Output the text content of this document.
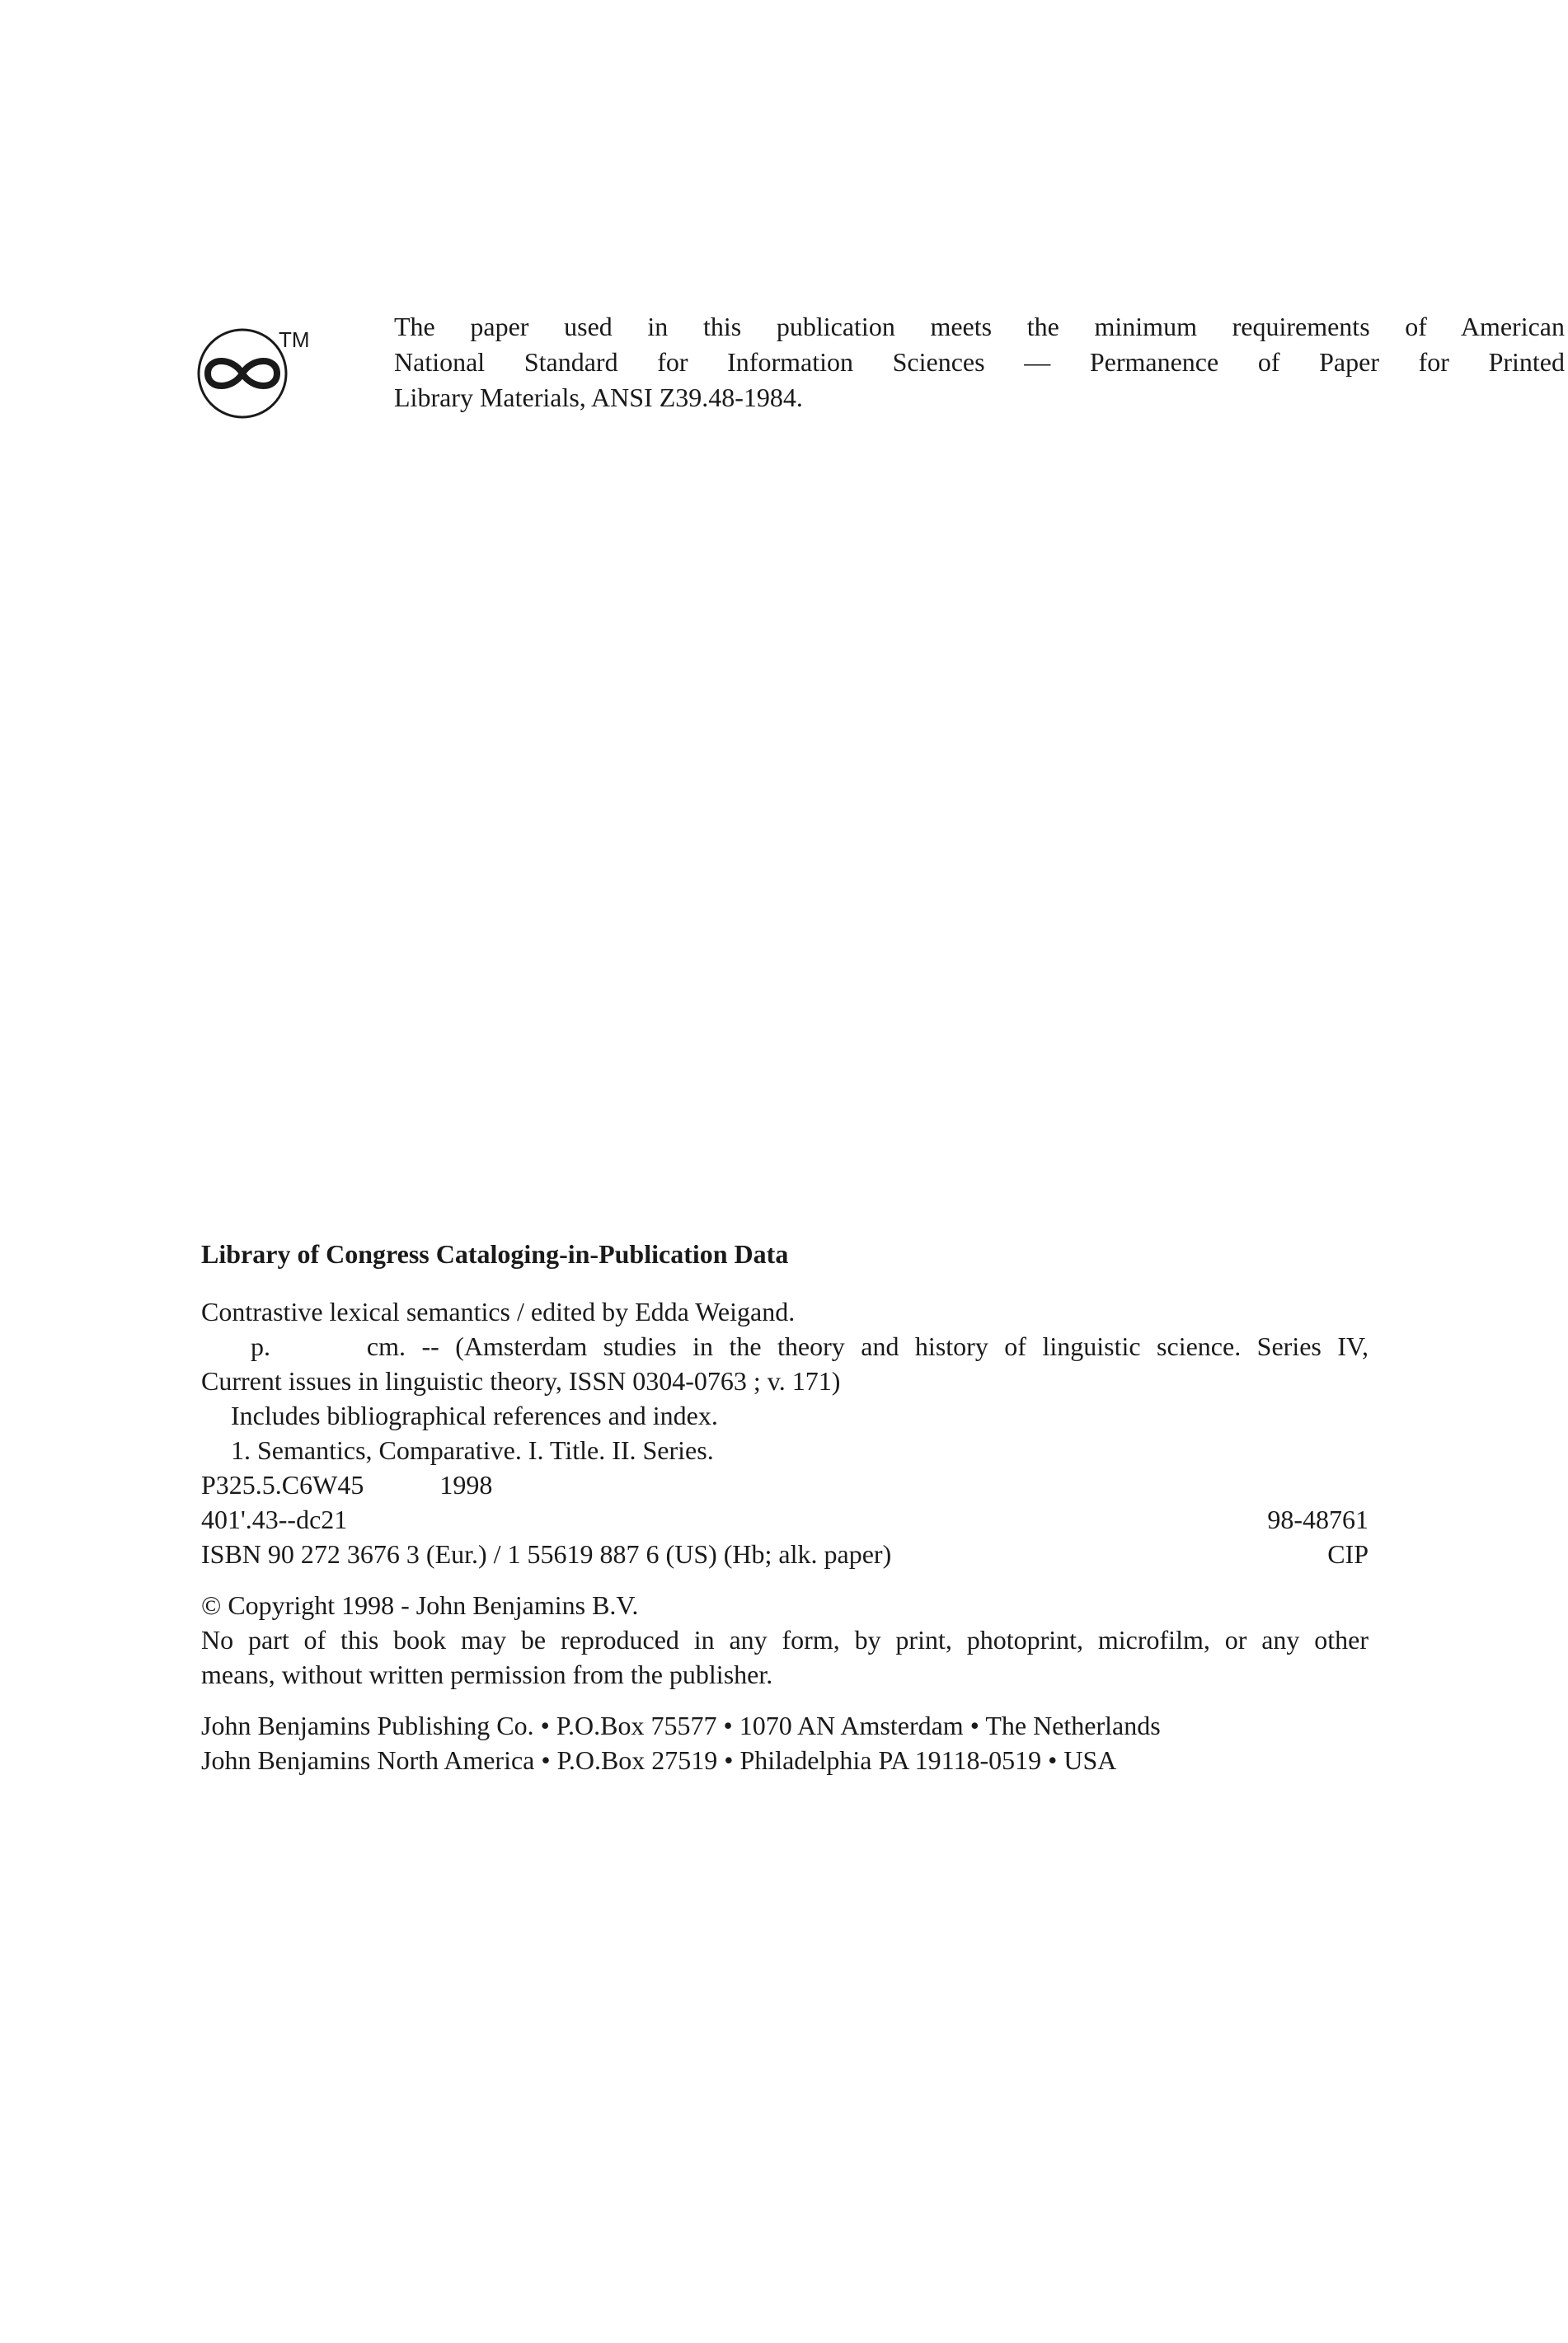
TM	The paper used in this publication meets the minimum requirements of American
National Standard for Information Sciences — Permanence of Paper for Printed
Library Materials, ANSI Z39.48-1984.
Library of Congress Cataloging-in-Publication Data
Contrastive lexical semantics / edited by Edda Weigand.
p.      cm. -- (Amsterdam studies in the theory and history of linguistic science. Series IV,
Current issues in linguistic theory, ISSN 0304-0763 ; v. 171)
Includes bibliographical references and index.
1. Semantics, Comparative. I. Title. II. Series.
P325.5.C6W45	1998
401'.43--dc21	98-48761
ISBN 90 272 3676 3 (Eur.) / 1 55619 887 6 (US) (Hb; alk. paper)	CIP
© Copyright 1998 - John Benjamins B.V.
No part of this book may be reproduced in any form, by print, photoprint, microfilm, or any other
means, without written permission from the publisher.
John Benjamins Publishing Co. • P.O.Box 75577 • 1070 AN Amsterdam • The Netherlands
John Benjamins North America • P.O.Box 27519 • Philadelphia PA 19118-0519 • USA
